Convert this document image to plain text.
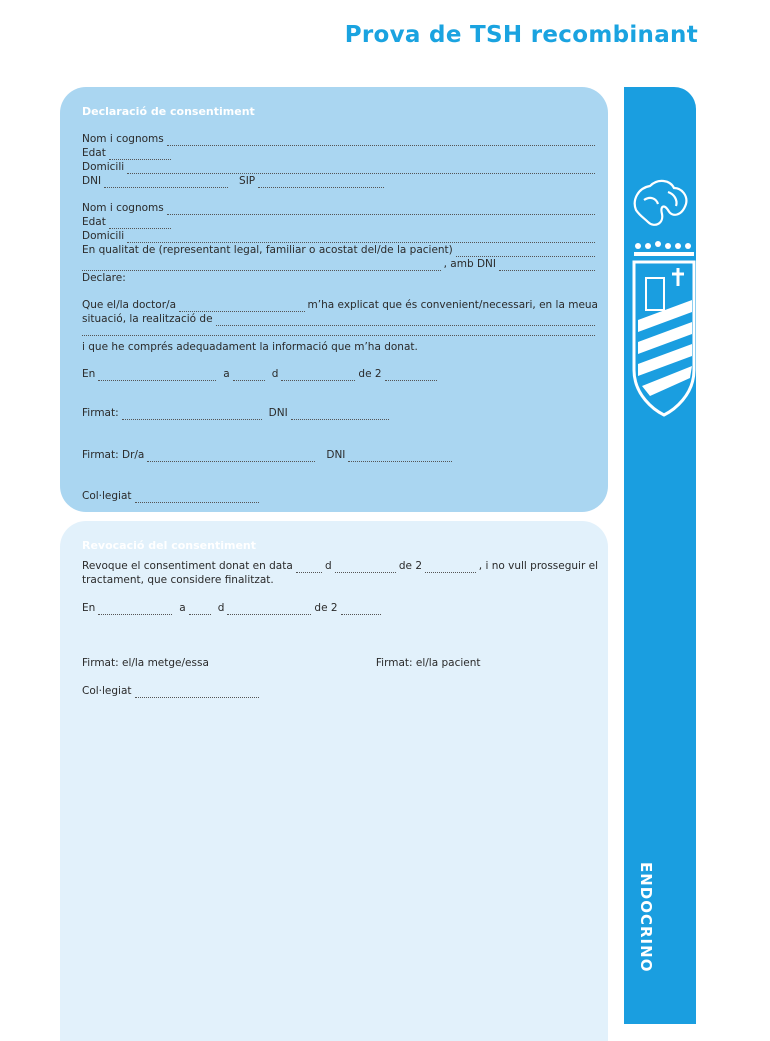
Prova de TSH recombinant
Declaració de consentiment
Nom i cognoms
Edat
Domicili
DNI	SIP
Nom i cognoms
Edat
Domicili
En qualitat de (representant legal, familiar o acostat del/de la pacient)
, amb DNI
Declare:
Que el/la doctor/a	m’ha explicat que és convenient/necessari, en la meua
situació, la realització de
i que he comprés adequadament la informació que m’ha donat.
En	a	d	de 2
Firmat:	DNI
Firmat: Dr/a	DNI
Col·legiat
Revocació del consentiment
Revoque el consentiment donat en data	d	de 2	, i no vull prosseguir el
tractament, que considere finalitzat.
En	a	d	de 2
Firmat: el/la metge/essa	Firmat: el/la pacient
Col·legiat
ENDOCRINO
